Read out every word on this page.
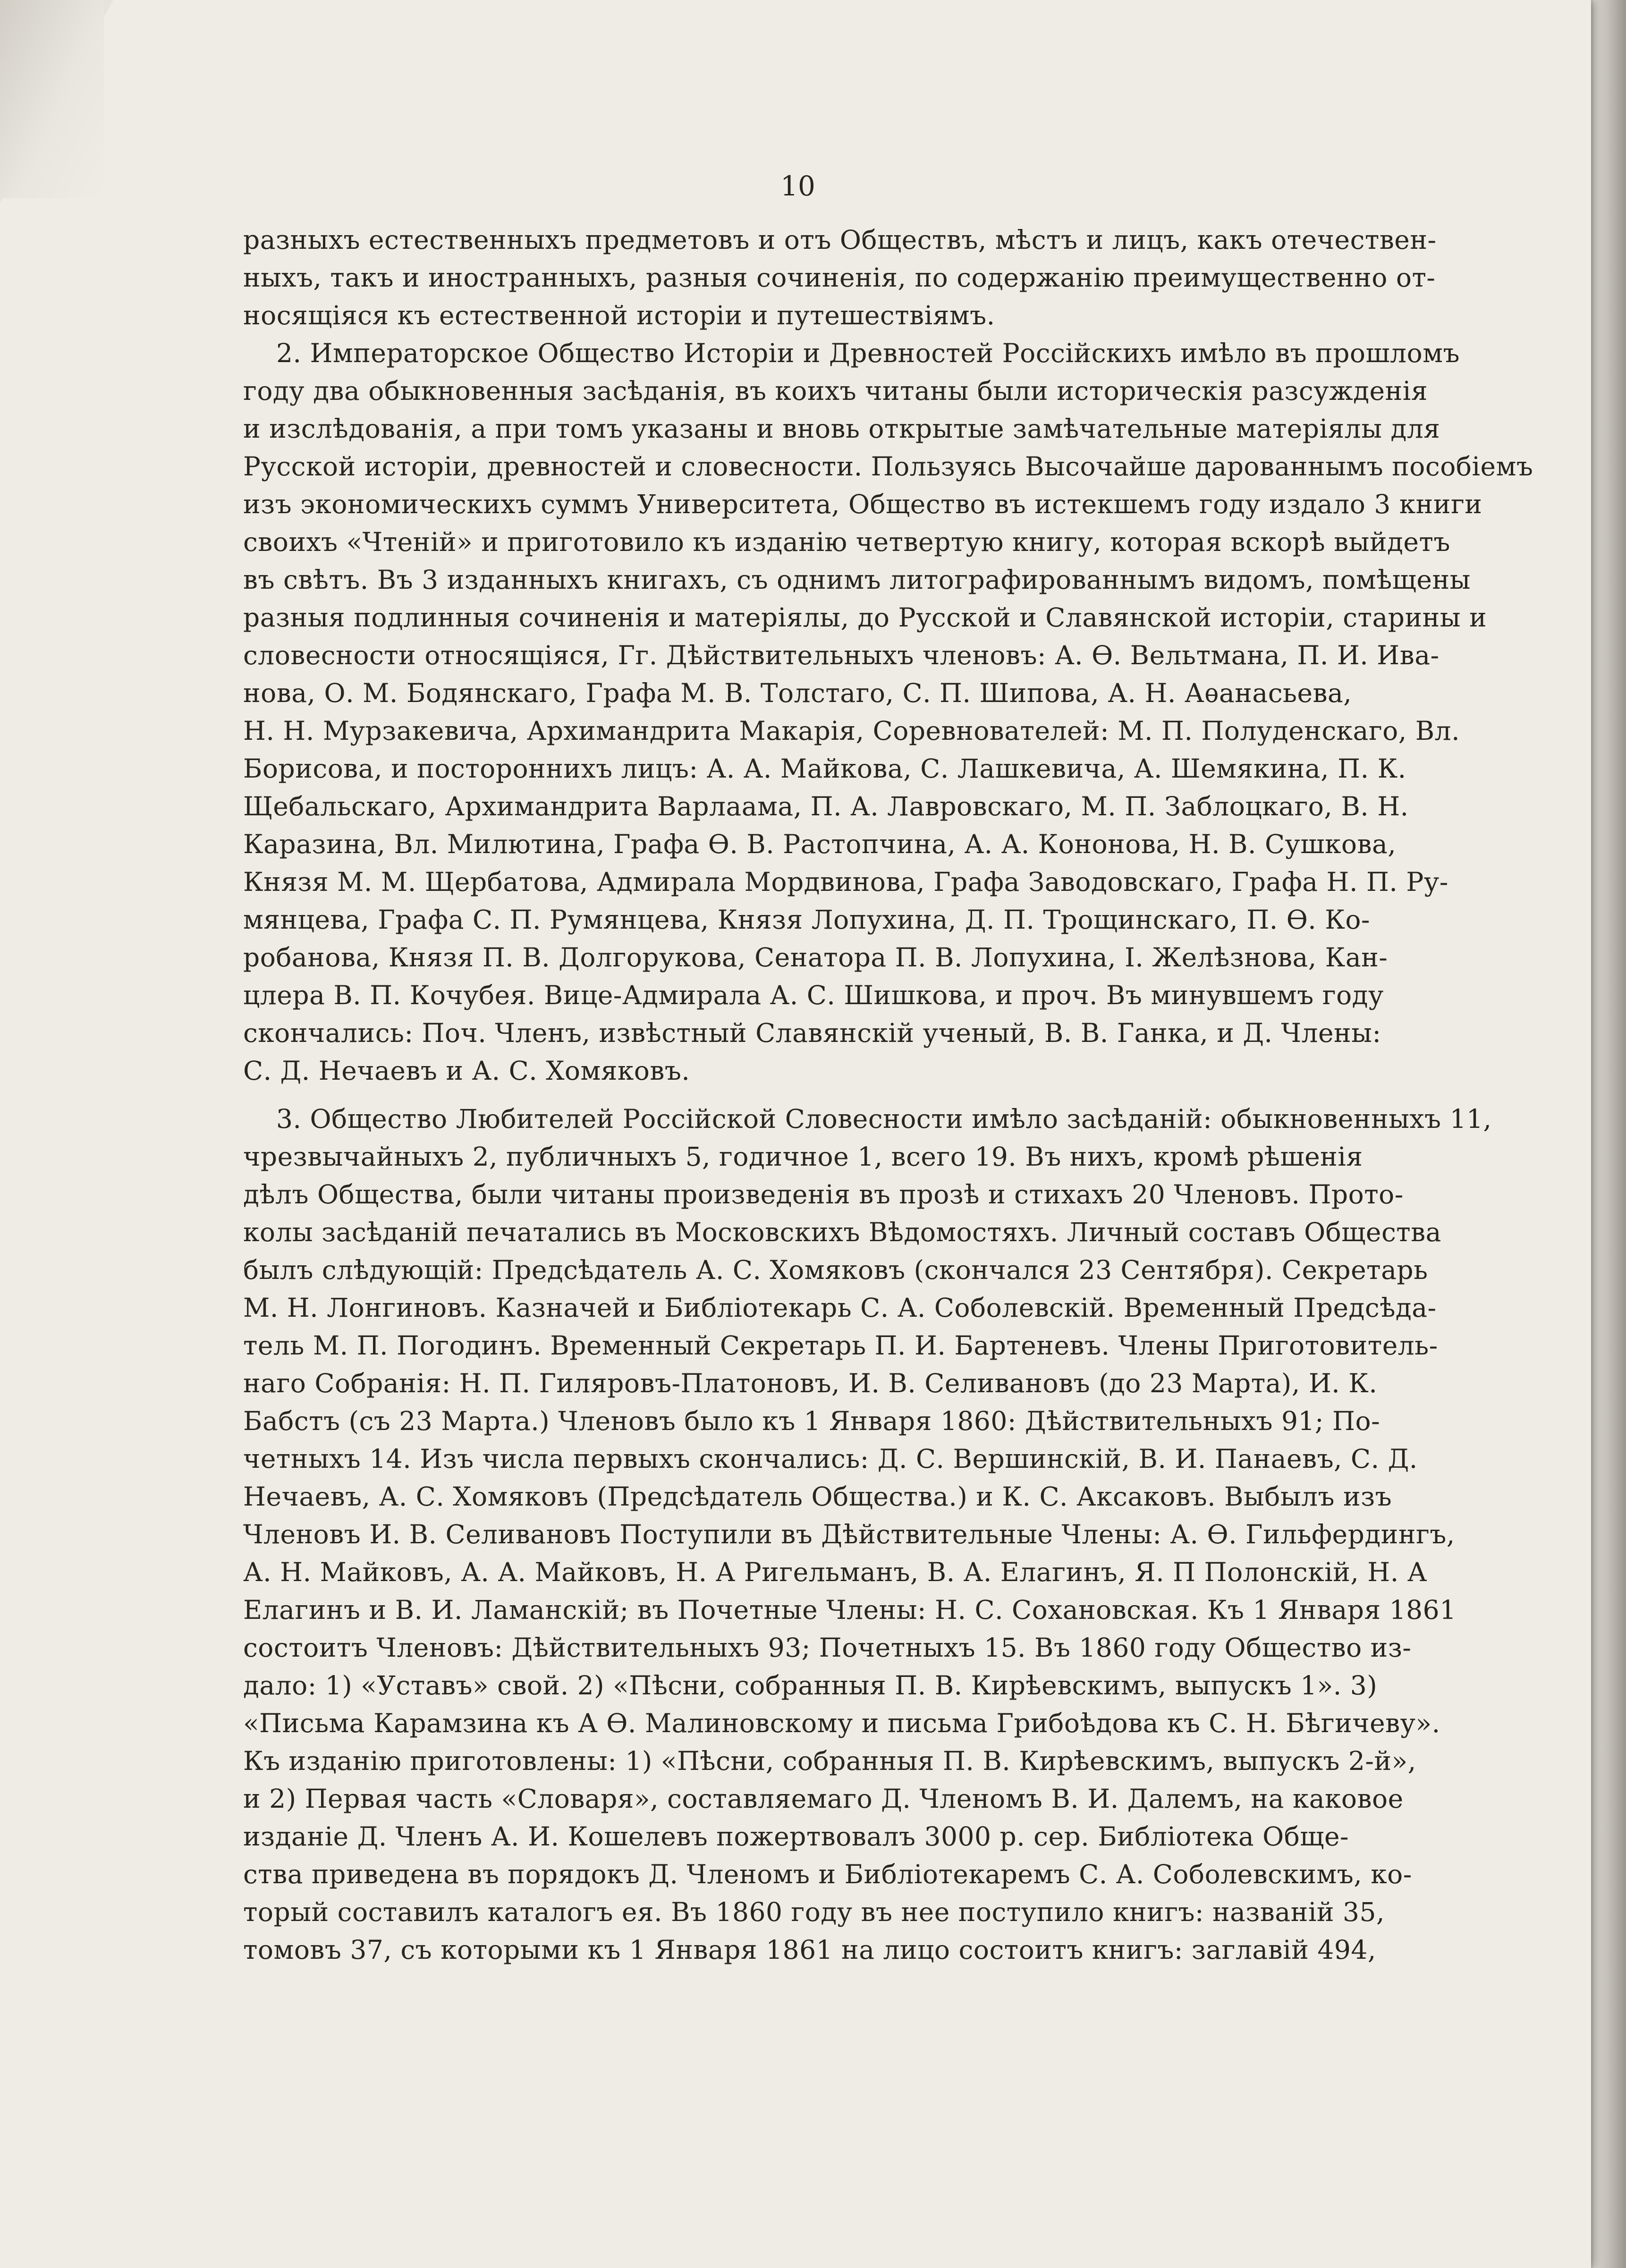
10
разныхъ естественныхъ предметовъ и отъ Обществъ, мѣстъ и лицъ, какъ отечествен-
ныхъ, такъ и иностранныхъ, разныя сочиненія, по содержанію преимущественно от-
носящіяся къ естественной исторіи и путешествіямъ.
2. Императорское Общество Исторіи и Древностей Россійскихъ имѣло въ прошломъ
году два обыкновенныя засѣданія, въ коихъ читаны были историческія разсужденія
и изслѣдованія, а при томъ указаны и вновь открытые замѣчательные матеріялы для
Русской исторіи, древностей и словесности. Пользуясь Высочайше дарованнымъ пособіемъ
изъ экономическихъ суммъ Университета, Общество въ истекшемъ году издало 3 книги
своихъ «Чтеній» и приготовило къ изданію четвертую книгу, которая вскорѣ выйдетъ
въ свѣтъ. Въ 3 изданныхъ книгахъ, съ однимъ литографированнымъ видомъ, помѣщены
разныя подлинныя сочиненія и матеріялы, до Русской и Славянской исторіи, старины и
словесности относящіяся, Гг. Дѣйствительныхъ членовъ: А. Ѳ. Вельтмана, П. И. Ива-
нова, О. М. Бодянскаго, Графа М. В. Толстаго, С. П. Шипова, А. Н. Аѳанасьева,
Н. Н. Мурзакевича, Архимандрита Макарія, Соревнователей: М. П. Полуденскаго, Вл.
Борисова, и постороннихъ лицъ: А. А. Майкова, С. Лашкевича, А. Шемякина, П. К.
Щебальскаго, Архимандрита Варлаама, П. А. Лавровскаго, М. П. Заблоцкаго, В. Н.
Каразина, Вл. Милютина, Графа Ѳ. В. Растопчина, А. А. Кононова, Н. В. Сушкова,
Князя М. М. Щербатова, Адмирала Мордвинова, Графа Заводовскаго, Графа Н. П. Ру-
мянцева, Графа С. П. Румянцева, Князя Лопухина, Д. П. Трощинскаго, П. Ѳ. Ко-
робанова, Князя П. В. Долгорукова, Сенатора П. В. Лопухина, І. Желѣзнова, Кан-
цлера В. П. Кочубея. Вице-Адмирала А. С. Шишкова, и проч. Въ минувшемъ году
скончались: Поч. Членъ, извѣстный Славянскій ученый, В. В. Ганка, и Д. Члены:
С. Д. Нечаевъ и А. С. Хомяковъ.
3. Общество Любителей Россійской Словесности имѣло засѣданій: обыкновенныхъ 11,
чрезвычайныхъ 2, публичныхъ 5, годичное 1, всего 19. Въ нихъ, кромѣ рѣшенія
дѣлъ Общества, были читаны произведенія въ прозѣ и стихахъ 20 Членовъ. Прото-
колы засѣданій печатались въ Московскихъ Вѣдомостяхъ. Личный составъ Общества
былъ слѣдующій: Предсѣдатель А. С. Хомяковъ (скончался 23 Сентября). Секретарь
М. Н. Лонгиновъ. Казначей и Библіотекарь С. А. Соболевскій. Временный Предсѣда-
тель М. П. Погодинъ. Временный Секретарь П. И. Бартеневъ. Члены Приготовитель-
наго Собранія: Н. П. Гиляровъ-Платоновъ, И. В. Селивановъ (до 23 Марта), И. К.
Бабстъ (съ 23 Марта.) Членовъ было къ 1 Января 1860: Дѣйствительныхъ 91; По-
четныхъ 14. Изъ числа первыхъ скончались: Д. С. Вершинскій, В. И. Панаевъ, С. Д.
Нечаевъ, А. С. Хомяковъ (Предсѣдатель Общества.) и К. С. Аксаковъ. Выбылъ изъ
Членовъ И. В. Селивановъ Поступили въ Дѣйствительные Члены: А. Ѳ. Гильфердингъ,
А. Н. Майковъ, А. А. Майковъ, Н. А Ригельманъ, В. А. Елагинъ, Я. П Полонскій, Н. А
Елагинъ и В. И. Ламанскій; въ Почетные Члены: Н. С. Сохановская. Къ 1 Января 1861
состоитъ Членовъ: Дѣйствительныхъ 93; Почетныхъ 15. Въ 1860 году Общество из-
дало: 1) «Уставъ» свой. 2) «Пѣсни, собранныя П. В. Кирѣевскимъ, выпускъ 1». 3)
«Письма Карамзина къ А Ѳ. Малиновскому и письма Грибоѣдова къ С. Н. Бѣгичеву».
Къ изданію приготовлены: 1) «Пѣсни, собранныя П. В. Кирѣевскимъ, выпускъ 2-й»,
и 2) Первая часть «Словаря», составляемаго Д. Членомъ В. И. Далемъ, на каковое
изданіе Д. Членъ А. И. Кошелевъ пожертвовалъ 3000 р. сер. Библіотека Обще-
ства приведена въ порядокъ Д. Членомъ и Библіотекаремъ С. А. Соболевскимъ, ко-
торый составилъ каталогъ ея. Въ 1860 году въ нее поступило книгъ: названій 35,
томовъ 37, съ которыми къ 1 Января 1861 на лицо состоитъ книгъ: заглавій 494,
